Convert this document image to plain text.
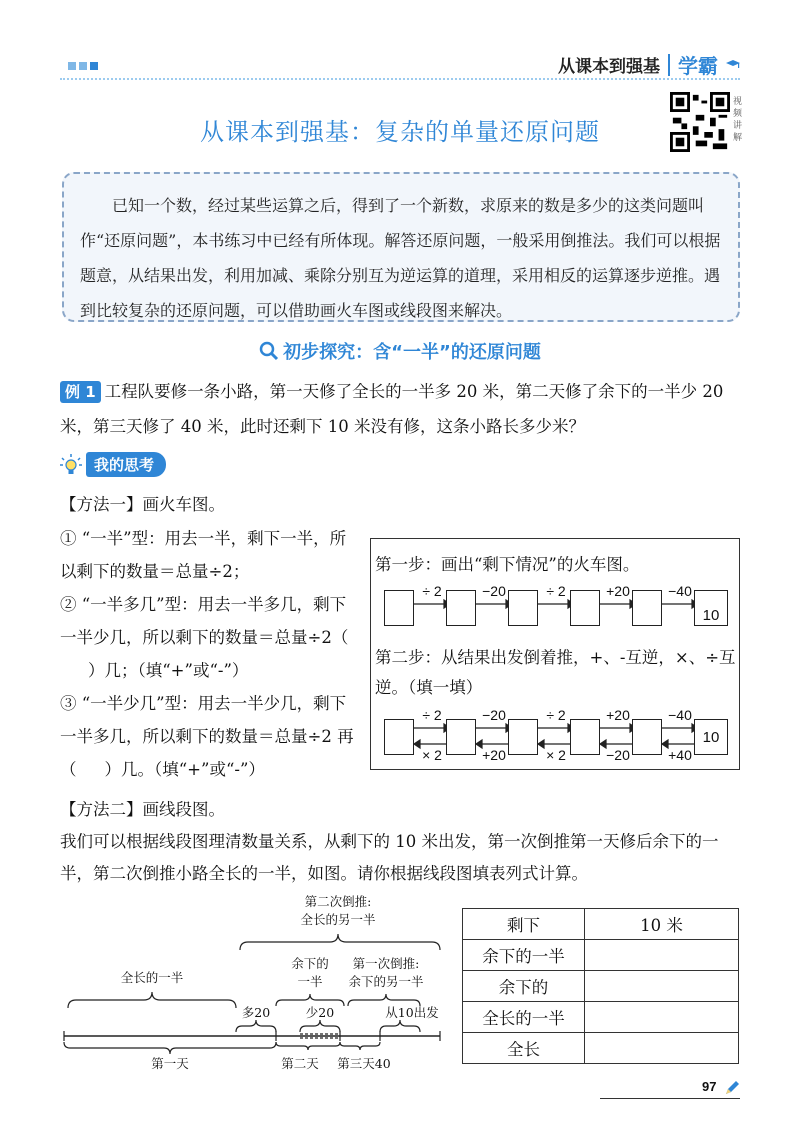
从课本到强基 学霸
从课本到强基：复杂的单量还原问题
视频讲解
已知一个数，经过某些运算之后，得到了一个新数，求原来的数是多少的这类问题叫作“还原问题”，本书练习中已经有所体现。解答还原问题，一般采用倒推法。我们可以根据题意，从结果出发，利用加减、乘除分别互为逆运算的道理，采用相反的运算逐步逆推。遇到比较复杂的还原问题，可以借助画火车图或线段图来解决。
初步探究：含“一半”的还原问题
例 1 工程队要修一条小路，第一天修了全长的一半多 20 米，第二天修了余下的一半少 20 米，第三天修了 40 米，此时还剩下 10 米没有修，这条小路长多少米？
我的思考
【方法一】画火车图。
① “一半”型：用去一半，剩下一半，所以剩下的数量＝总量÷2；
② “一半多几”型：用去一半多几，剩下一半少几，所以剩下的数量＝总量÷2（）几；（填“+”或“-”）
③ “一半少几”型：用去一半少几，剩下一半多几，所以剩下的数量＝总量÷2 再（ ）几。（填“+”或“-”）
第一步：画出“剩下情况”的火车图。
10
÷ 2	−20	÷ 2	+20	−40
第二步：从结果出发倒着推，+、-互逆，×、÷互逆。（填一填）
10
÷ 2	−20	÷ 2	+20	−40
× 2	+20	× 2	−20	+40
【方法二】画线段图。
我们可以根据线段图理清数量关系，从剩下的 10 米出发，第一次倒推第一天修后余下的一半，第二次倒推小路全长的一半，如图。请你根据线段图填表列式计算。
第二次倒推:
全长的另一半
全长的一半
余下的
一半
第一次倒推:
余下的另一半
多20	少20	从10出发
第一天	第二天 第三天40
剩下	10 米
余下的一半	
余下的	
全长的一半	
全长	
97
